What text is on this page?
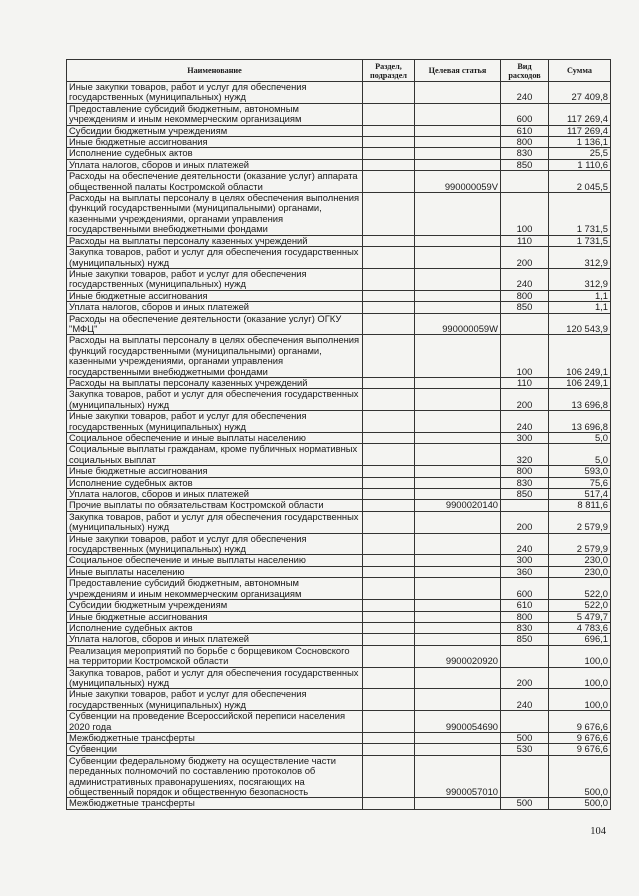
Наименование	Раздел, подраздел	Целевая статья	Вид расходов	Сумма
Иные закупки товаров, работ и услуг для обеспечения государственных (муниципальных) нужд			240	27 409,8
Предоставление субсидий бюджетным, автономным учреждениям и иным некоммерческим организациям			600	117 269,4
Субсидии бюджетным учреждениям			610	117 269,4
Иные бюджетные ассигнования			800	1 136,1
Исполнение судебных актов			830	25,5
Уплата налогов, сборов и иных платежей			850	1 110,6
Расходы на обеспечение деятельности (оказание услуг) аппарата общественной палаты Костромской области		990000059V		2 045,5
Расходы на выплаты персоналу в целях обеспечения выполнения функций государственными (муниципальными) органами, казенными учреждениями, органами управления государственными внебюджетными фондами			100	1 731,5
Расходы на выплаты персоналу казенных учреждений			110	1 731,5
Закупка товаров, работ и услуг для обеспечения государственных (муниципальных) нужд			200	312,9
Иные закупки товаров, работ и услуг для обеспечения государственных (муниципальных) нужд			240	312,9
Иные бюджетные ассигнования			800	1,1
Уплата налогов, сборов и иных платежей			850	1,1
Расходы на обеспечение деятельности (оказание услуг) ОГКУ "МФЦ"		990000059W		120 543,9
Расходы на выплаты персоналу в целях обеспечения выполнения функций государственными (муниципальными) органами, казенными учреждениями, органами управления государственными внебюджетными фондами			100	106 249,1
Расходы на выплаты персоналу казенных учреждений			110	106 249,1
Закупка товаров, работ и услуг для обеспечения государственных (муниципальных) нужд			200	13 696,8
Иные закупки товаров, работ и услуг для обеспечения государственных (муниципальных) нужд			240	13 696,8
Социальное обеспечение и иные выплаты населению			300	5,0
Социальные выплаты гражданам, кроме публичных нормативных социальных выплат			320	5,0
Иные бюджетные ассигнования			800	593,0
Исполнение судебных актов			830	75,6
Уплата налогов, сборов и иных платежей			850	517,4
Прочие выплаты по обязательствам Костромской области		9900020140		8 811,6
Закупка товаров, работ и услуг для обеспечения государственных (муниципальных) нужд			200	2 579,9
Иные закупки товаров, работ и услуг для обеспечения государственных (муниципальных) нужд			240	2 579,9
Социальное обеспечение и иные выплаты населению			300	230,0
Иные выплаты населению			360	230,0
Предоставление субсидий бюджетным, автономным учреждениям и иным некоммерческим организациям			600	522,0
Субсидии бюджетным учреждениям			610	522,0
Иные бюджетные ассигнования			800	5 479,7
Исполнение судебных актов			830	4 783,6
Уплата налогов, сборов и иных платежей			850	696,1
Реализация мероприятий по борьбе с борщевиком Сосновского на территории Костромской области		9900020920		100,0
Закупка товаров, работ и услуг для обеспечения государственных (муниципальных) нужд			200	100,0
Иные закупки товаров, работ и услуг для обеспечения государственных (муниципальных) нужд			240	100,0
Субвенции на проведение Всероссийской переписи населения 2020 года		9900054690		9 676,6
Межбюджетные трансферты			500	9 676,6
Субвенции			530	9 676,6
Субвенции федеральному бюджету на осуществление части переданных полномочий по составлению протоколов об административных правонарушениях, посягающих на общественный порядок и общественную безопасность		9900057010		500,0
Межбюджетные трансферты			500	500,0
104
